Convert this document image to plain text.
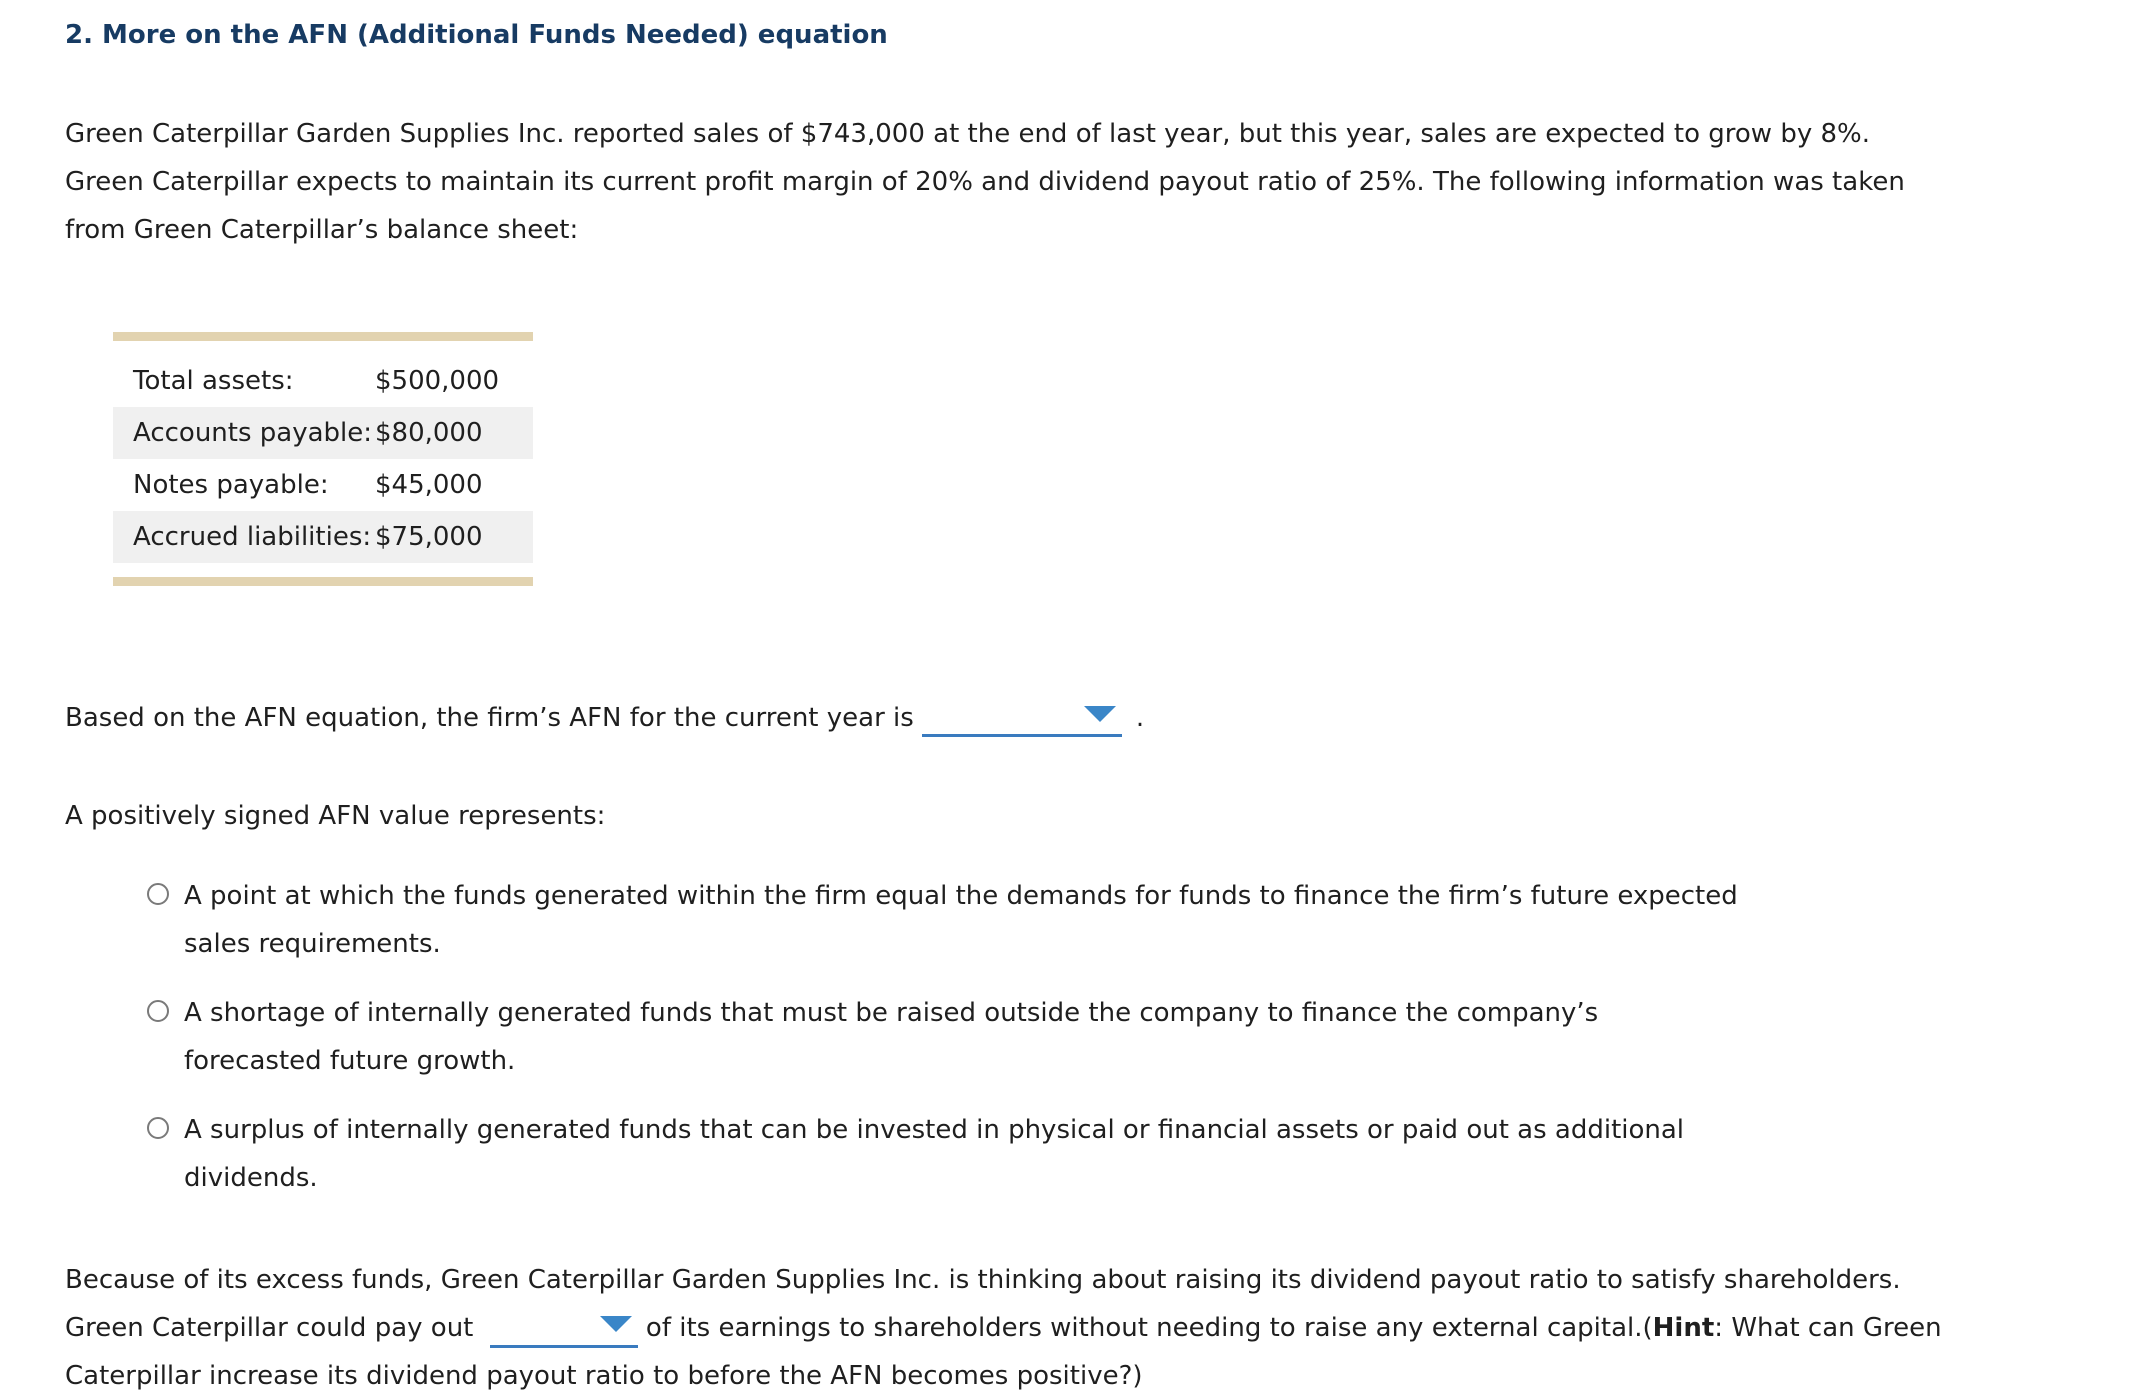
2. More on the AFN (Additional Funds Needed) equation
Green Caterpillar Garden Supplies Inc. reported sales of $743,000 at the end of last year, but this year, sales are expected to grow by 8%. Green Caterpillar expects to maintain its current profit margin of 20% and dividend payout ratio of 25%. The following information was taken from Green Caterpillar’s balance sheet:
Total assets:	$500,000
Accounts payable: $80,000
Notes payable:	$45,000
Accrued liabilities: $75,000
Based on the AFN equation, the firm’s AFN for the current year is	.
A positively signed AFN value represents:
A point at which the funds generated within the firm equal the demands for funds to finance the firm’s future expected sales requirements.
A shortage of internally generated funds that must be raised outside the company to finance the company’s forecasted future growth.
A surplus of internally generated funds that can be invested in physical or financial assets or paid out as additional dividends.
Because of its excess funds, Green Caterpillar Garden Supplies Inc. is thinking about raising its dividend payout ratio to satisfy shareholders. Green Caterpillar could pay out	of its earnings to shareholders without needing to raise any external capital.(Hint: What can Green Caterpillar increase its dividend payout ratio to before the AFN becomes positive?)
